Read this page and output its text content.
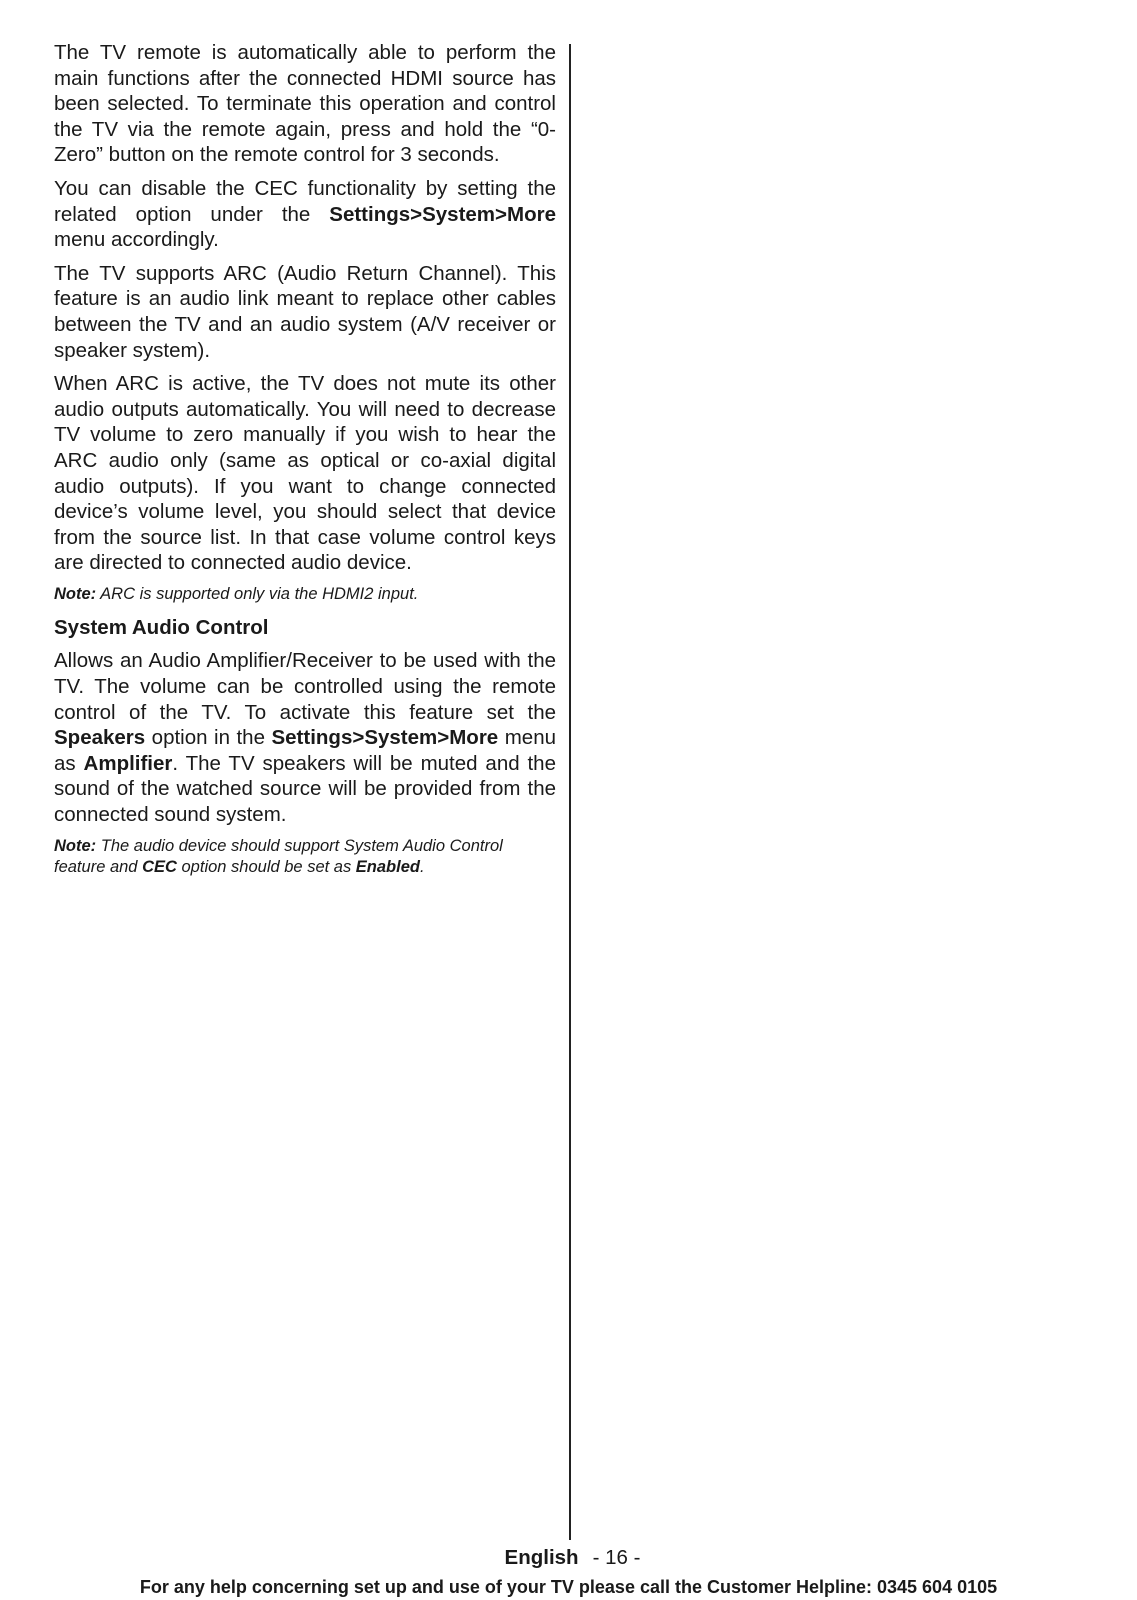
The TV remote is automatically able to perform the main functions after the connected HDMI source has been selected. To terminate this operation and control the TV via the remote again, press and hold the “0-Zero” button on the remote control for 3 seconds.

You can disable the CEC functionality by setting the related option under the Settings>System>More menu accordingly.

The TV supports ARC (Audio Return Channel). This feature is an audio link meant to replace other cables between the TV and an audio system (A/V receiver or speaker system).

When ARC is active, the TV does not mute its other audio outputs automatically. You will need to decrease TV volume to zero manually if you wish to hear the ARC audio only (same as optical or co-axial digital audio outputs). If you want to change connected device’s volume level, you should select that device from the source list. In that case volume control keys are directed to connected audio device.

Note: ARC is supported only via the HDMI2 input.

System Audio Control

Allows an Audio Amplifier/Receiver to be used with the TV. The volume can be controlled using the remote control of the TV. To activate this feature set the Speakers option in the Settings>System>More menu as Amplifier. The TV speakers will be muted and the sound of the watched source will be provided from the connected sound system.

Note: The audio device should support System Audio Control feature and CEC option should be set as Enabled.

English - 16 -
For any help concerning set up and use of your TV please call the Customer Helpline: 0345 604 0105
